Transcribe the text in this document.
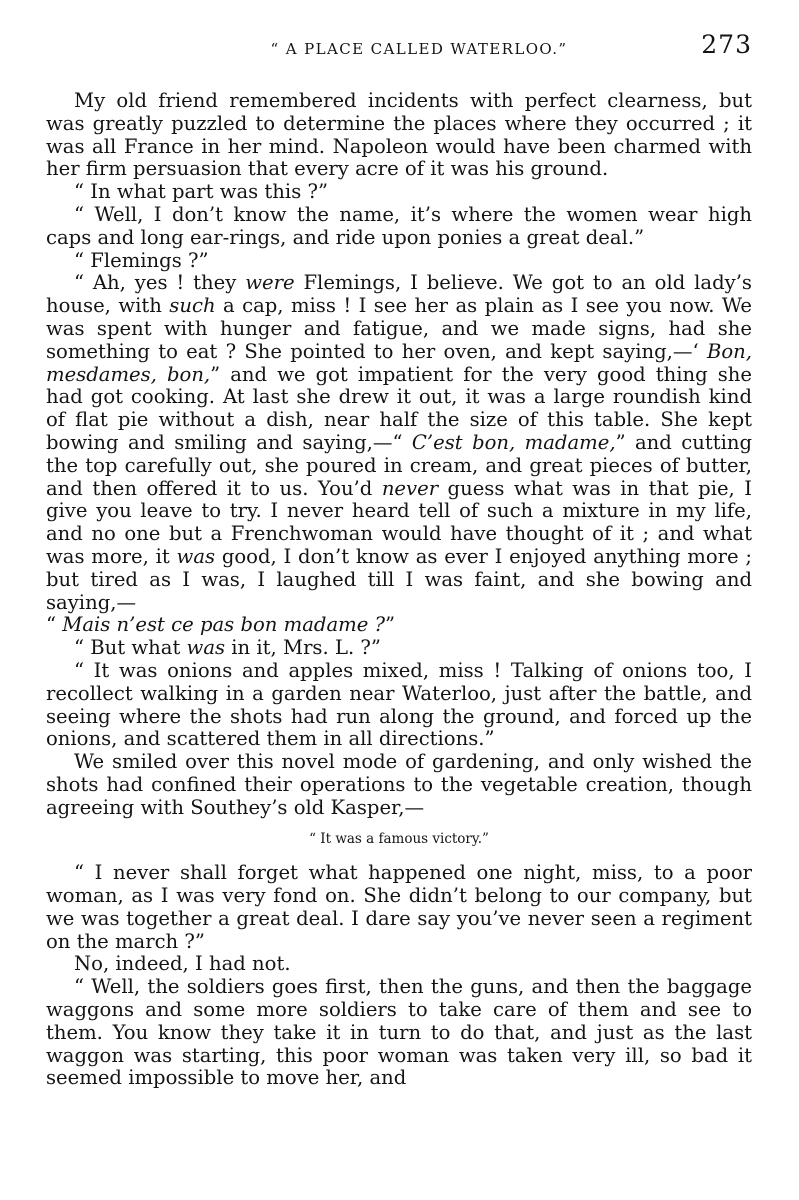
“ A PLACE CALLED WATERLOO.”	273

My old friend remembered incidents with perfect clearness, but was greatly puzzled to determine the places where they occurred ; it was all France in her mind. Napoleon would have been charmed with her firm persuasion that every acre of it was his ground.

“ In what part was this ?”

“ Well, I don’t know the name, it’s where the women wear high caps and long ear-rings, and ride upon ponies a great deal.”

“ Flemings ?”

“ Ah, yes ! they were Flemings, I believe. We got to an old lady’s house, with such a cap, miss ! I see her as plain as I see you now. We was spent with hunger and fatigue, and we made signs, had she something to eat ? She pointed to her oven, and kept saying,—‘ Bon, mesdames, bon,” and we got impatient for the very good thing she had got cooking. At last she drew it out, it was a large roundish kind of flat pie without a dish, near half the size of this table. She kept bowing and smiling and saying,—“ C’est bon, madame,” and cutting the top carefully out, she poured in cream, and great pieces of butter, and then offered it to us. You’d never guess what was in that pie, I give you leave to try. I never heard tell of such a mixture in my life, and no one but a Frenchwoman would have thought of it ; and what was more, it was good, I don’t know as ever I enjoyed anything more ; but tired as I was, I laughed till I was faint, and she bowing and saying,—

“ Mais n’est ce pas bon madame ?”

“ But what was in it, Mrs. L. ?”

“ It was onions and apples mixed, miss ! Talking of onions too, I recollect walking in a garden near Waterloo, just after the battle, and seeing where the shots had run along the ground, and forced up the onions, and scattered them in all directions.”

We smiled over this novel mode of gardening, and only wished the shots had confined their operations to the vegetable creation, though agreeing with Southey’s old Kasper,—

“ It was a famous victory.”

“ I never shall forget what happened one night, miss, to a poor woman, as I was very fond on. She didn’t belong to our company, but we was together a great deal. I dare say you’ve never seen a regiment on the march ?”

No, indeed, I had not.

“ Well, the soldiers goes first, then the guns, and then the baggage waggons and some more soldiers to take care of them and see to them. You know they take it in turn to do that, and just as the last waggon was starting, this poor woman was taken very ill, so bad it seemed impossible to move her, and
